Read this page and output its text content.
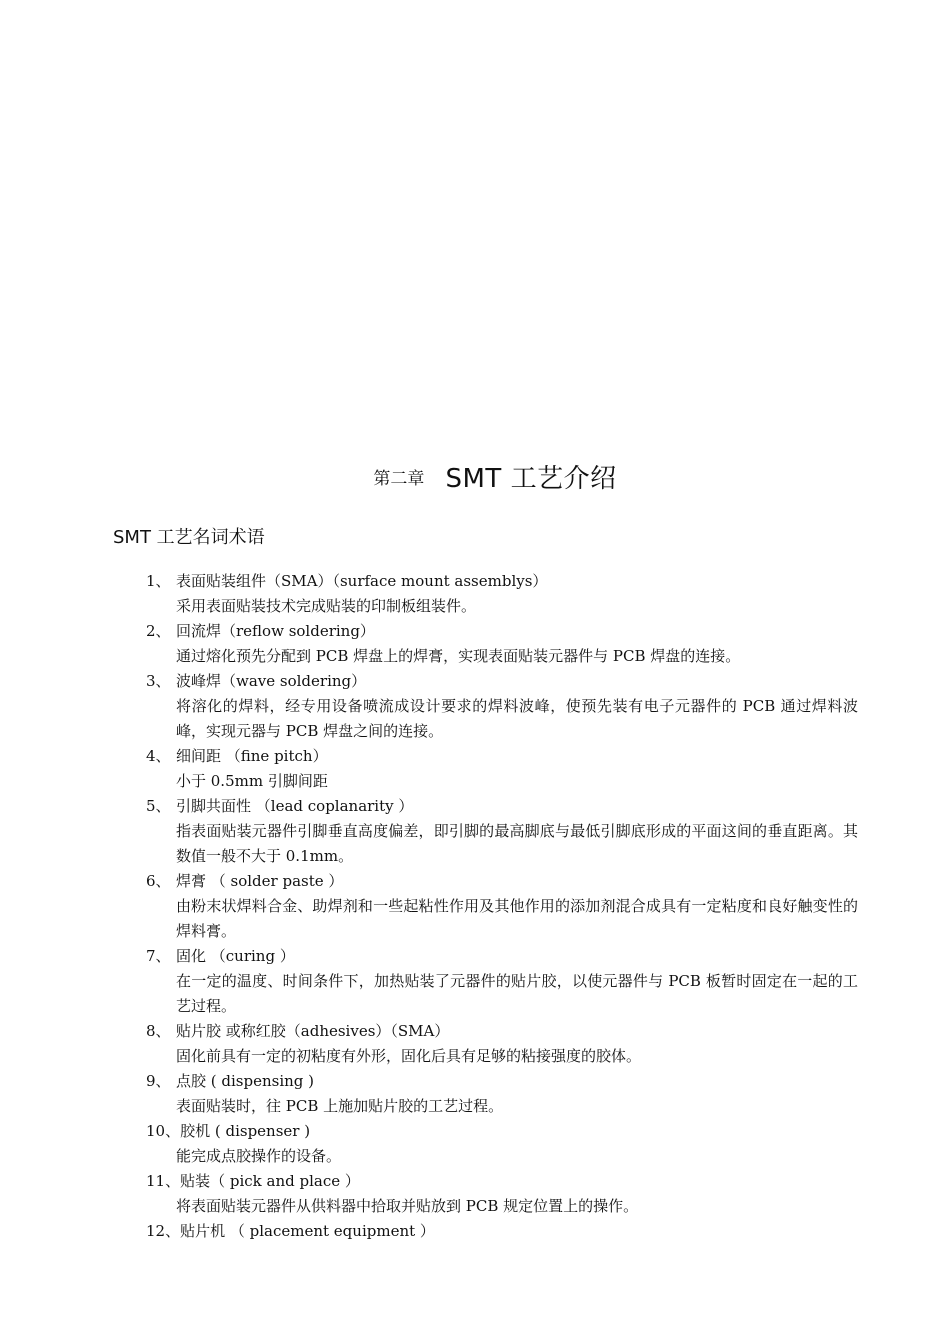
第二章 SMT 工艺介绍
SMT 工艺名词术语
1、 表面贴装组件（SMA）（surface mount assemblys）
采用表面贴装技术完成贴装的印制板组装件。
2、 回流焊（reflow soldering）
通过熔化预先分配到 PCB 焊盘上的焊膏，实现表面贴装元器件与 PCB 焊盘的连接。
3、 波峰焊（wave soldering）
将溶化的焊料，经专用设备喷流成设计要求的焊料波峰，使预先装有电子元器件的 PCB 通过焊料波峰，实现元器与 PCB 焊盘之间的连接。
4、 细间距 （fine pitch）
小于 0.5mm 引脚间距
5、 引脚共面性 （lead coplanarity ）
指表面贴装元器件引脚垂直高度偏差，即引脚的最高脚底与最低引脚底形成的平面这间的垂直距离。其数值一般不大于 0.1mm。
6、 焊膏 （ solder paste ）
由粉末状焊料合金、助焊剂和一些起粘性作用及其他作用的添加剂混合成具有一定粘度和良好触变性的焊料膏。
7、 固化 （curing ）
在一定的温度、时间条件下，加热贴装了元器件的贴片胶，以使元器件与 PCB 板暂时固定在一起的工艺过程。
8、 贴片胶 或称红胶（adhesives）（SMA）
固化前具有一定的初粘度有外形，固化后具有足够的粘接强度的胶体。
9、 点胶 ( dispensing )
表面贴装时，往 PCB 上施加贴片胶的工艺过程。
10、 胶机 ( dispenser )
能完成点胶操作的设备。
11、 贴装（ pick and place ）
将表面贴装元器件从供料器中拾取并贴放到 PCB 规定位置上的操作。
12、 贴片机 （ placement equipment ）
